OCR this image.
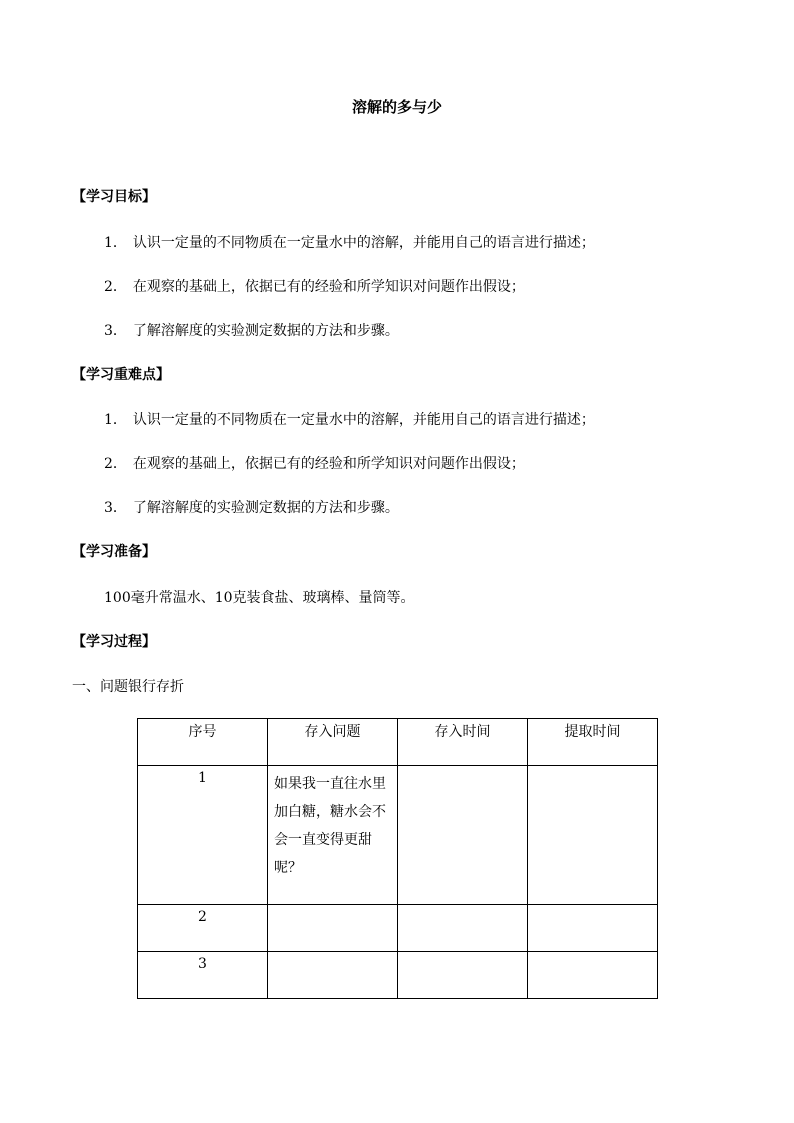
溶解的多与少
【学习目标】
1． 认识一定量的不同物质在一定量水中的溶解，并能用自己的语言进行描述；
2． 在观察的基础上，依据已有的经验和所学知识对问题作出假设；
3． 了解溶解度的实验测定数据的方法和步骤。
【学习重难点】
1． 认识一定量的不同物质在一定量水中的溶解，并能用自己的语言进行描述；
2． 在观察的基础上，依据已有的经验和所学知识对问题作出假设；
3． 了解溶解度的实验测定数据的方法和步骤。
【学习准备】
100毫升常温水、10克装食盐、玻璃棒、量筒等。
【学习过程】
一、问题银行存折
序号	存入问题	存入时间	提取时间
1	如果我一直往水里加白糖，糖水会不会一直变得更甜呢？		
2			
3			
